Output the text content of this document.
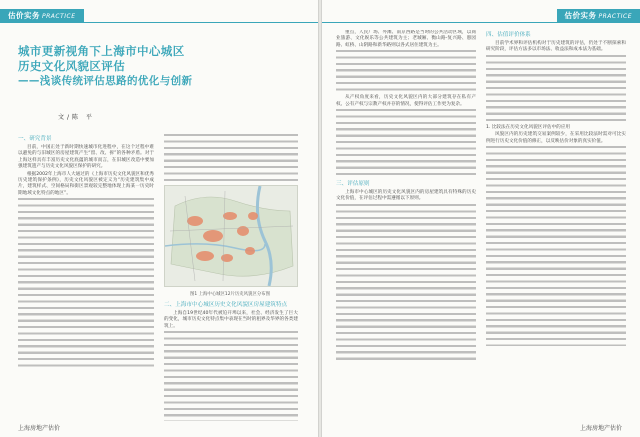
估价实务 PRACTICE

城市更新视角下上海市中心城区

历史文化风貌区评估

——浅谈传统评估思路的优化与创新

文/陈 平
一、研究背景

目前，中国正处于新时期快速城市化进程中，在这个过程中难以避免的与旧城区的房屋建筑产生“留、改、拆”的各种矛盾。对于上海这样具有丰富历史文化底蕴的城市而言，在旧城区改造中要加强建筑遗产与历史文化风貌区保护的研究。

根据2002年上海市人大通过的《上海市历史文化风貌区和优秀历史建筑保护条例》，历史文化风貌区被定义为“历史建筑集中成片，建筑样式、空间格局和街区景观较完整地体现上海某一历史时期地域文化特点的地区”。

图1 上海中心城区12片历史风貌区分布图
二、上海市中心城区历史文化风貌区房屋建筑特点

上海自19世纪40年代被迫开埠以来，社会、经济发生了巨大的变化，城市历史文化特点集中表现在当时的租界及华界的各类建筑上。

上海房地产估价
估价实务 PRACTICE

重点，人民广场、外滩、南京西路是当时的公共活动区域，以商业旅游、文化娱乐等公共建筑为主；老城厢、衡山路-复兴路、愚园路、虹桥、山阴路和新华路则以各式居住建筑为主。

从产权角度来看，历史文化风貌区内的大部分建筑存在私有产权、公有产权与宗教产权并存的情况，使得评估工作更为复杂。

三、评估原则

上海市中心城区的历史文化风貌区内的房屋建筑具有特殊的历史文化价值，在评估过程中需遵循以下原则。

四、估值评价体系

目前学术界和评估机构对于历史建筑的评估，仍处于不断探索和研究阶段，评估方法多以市场法、收益法和成本法为基础。

1. 比较法在历史文化风貌区评估中的应用

风貌区内的历史建筑交易案例较少，在采用比较法时需对可比实例进行历史文化价值的修正，以反映估价对象的真实价值。

上海房地产估价
